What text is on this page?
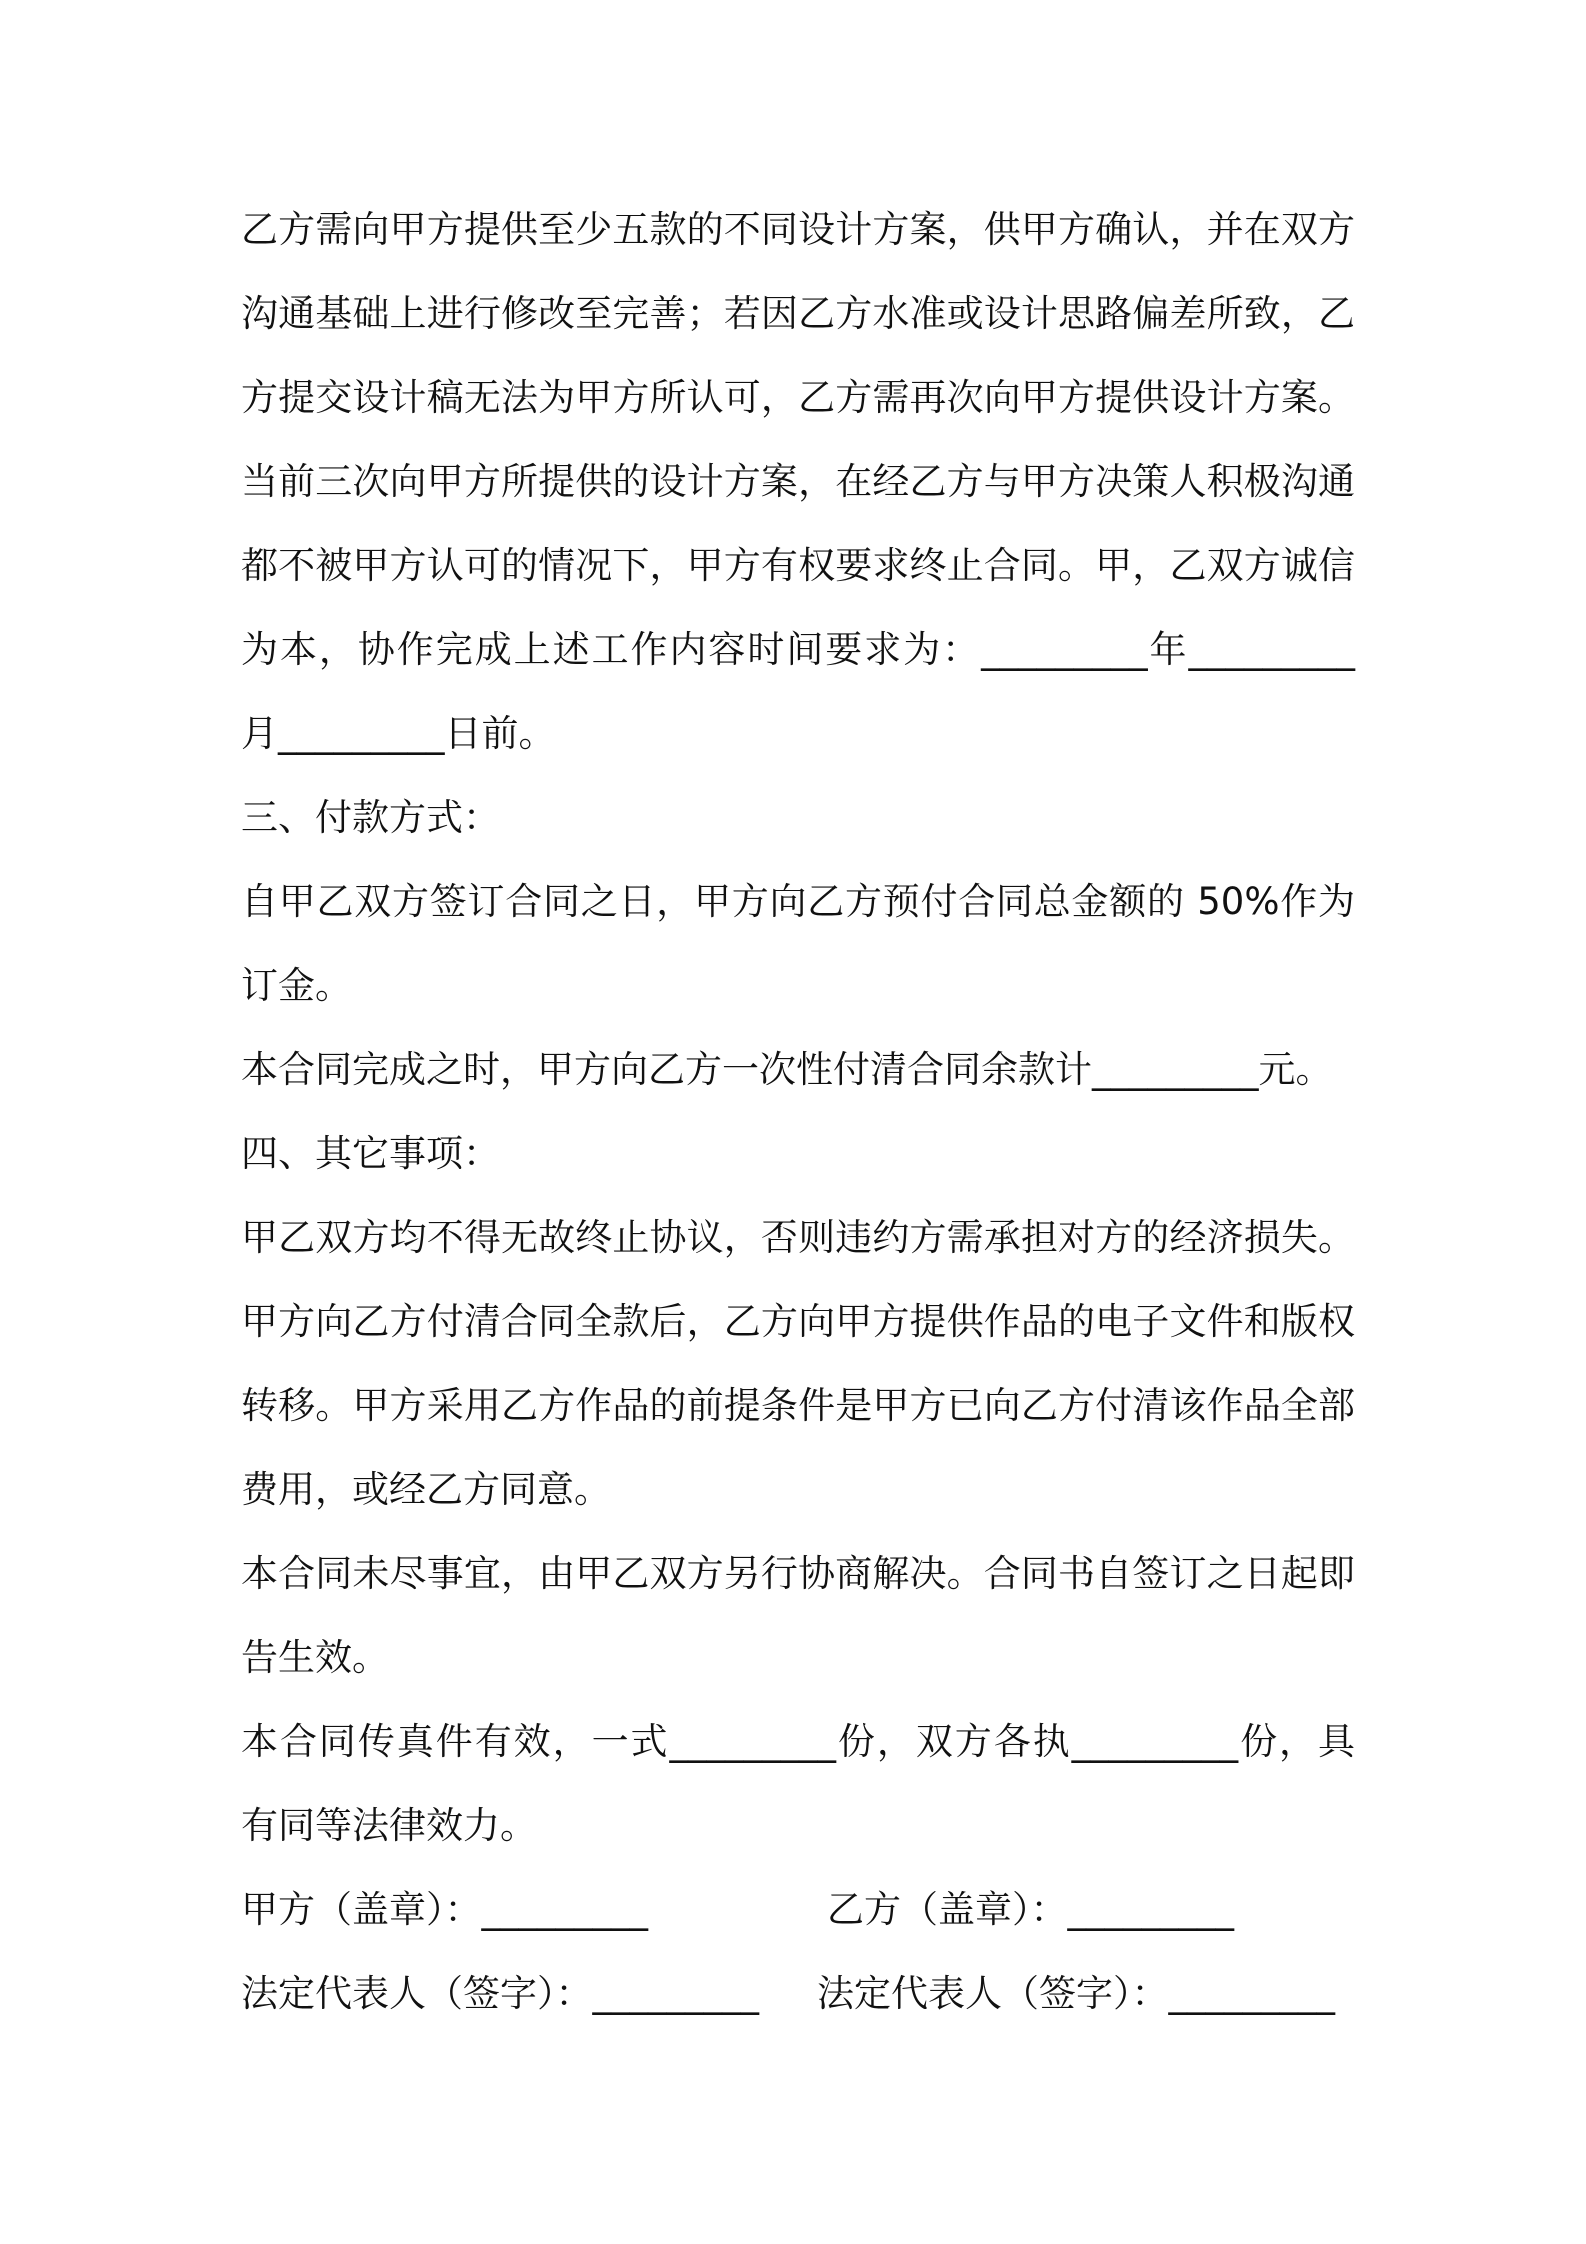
乙方需向甲方提供至少五款的不同设计方案，供甲方确认，并在双方
沟通基础上进行修改至完善；若因乙方水准或设计思路偏差所致，乙
方提交设计稿无法为甲方所认可，乙方需再次向甲方提供设计方案。
当前三次向甲方所提供的设计方案，在经乙方与甲方决策人积极沟通
都不被甲方认可的情况下，甲方有权要求终止合同。甲，乙双方诚信
为本，协作完成上述工作内容时间要求为：_________年_________
月_________日前。
三、付款方式：
自甲乙双方签订合同之日，甲方向乙方预付合同总金额的 50%作为
订金。
本合同完成之时，甲方向乙方一次性付清合同余款计_________元。
四、其它事项：
甲乙双方均不得无故终止协议，否则违约方需承担对方的经济损失。
甲方向乙方付清合同全款后，乙方向甲方提供作品的电子文件和版权
转移。甲方采用乙方作品的前提条件是甲方已向乙方付清该作品全部
费用，或经乙方同意。
本合同未尽事宜，由甲乙双方另行协商解决。合同书自签订之日起即
告生效。
本合同传真件有效，一式_________份，双方各执_________份，具
有同等法律效力。
甲方（盖章）：_________	乙方（盖章）：_________
法定代表人（签字）：_________ 法定代表人（签字）：_________
